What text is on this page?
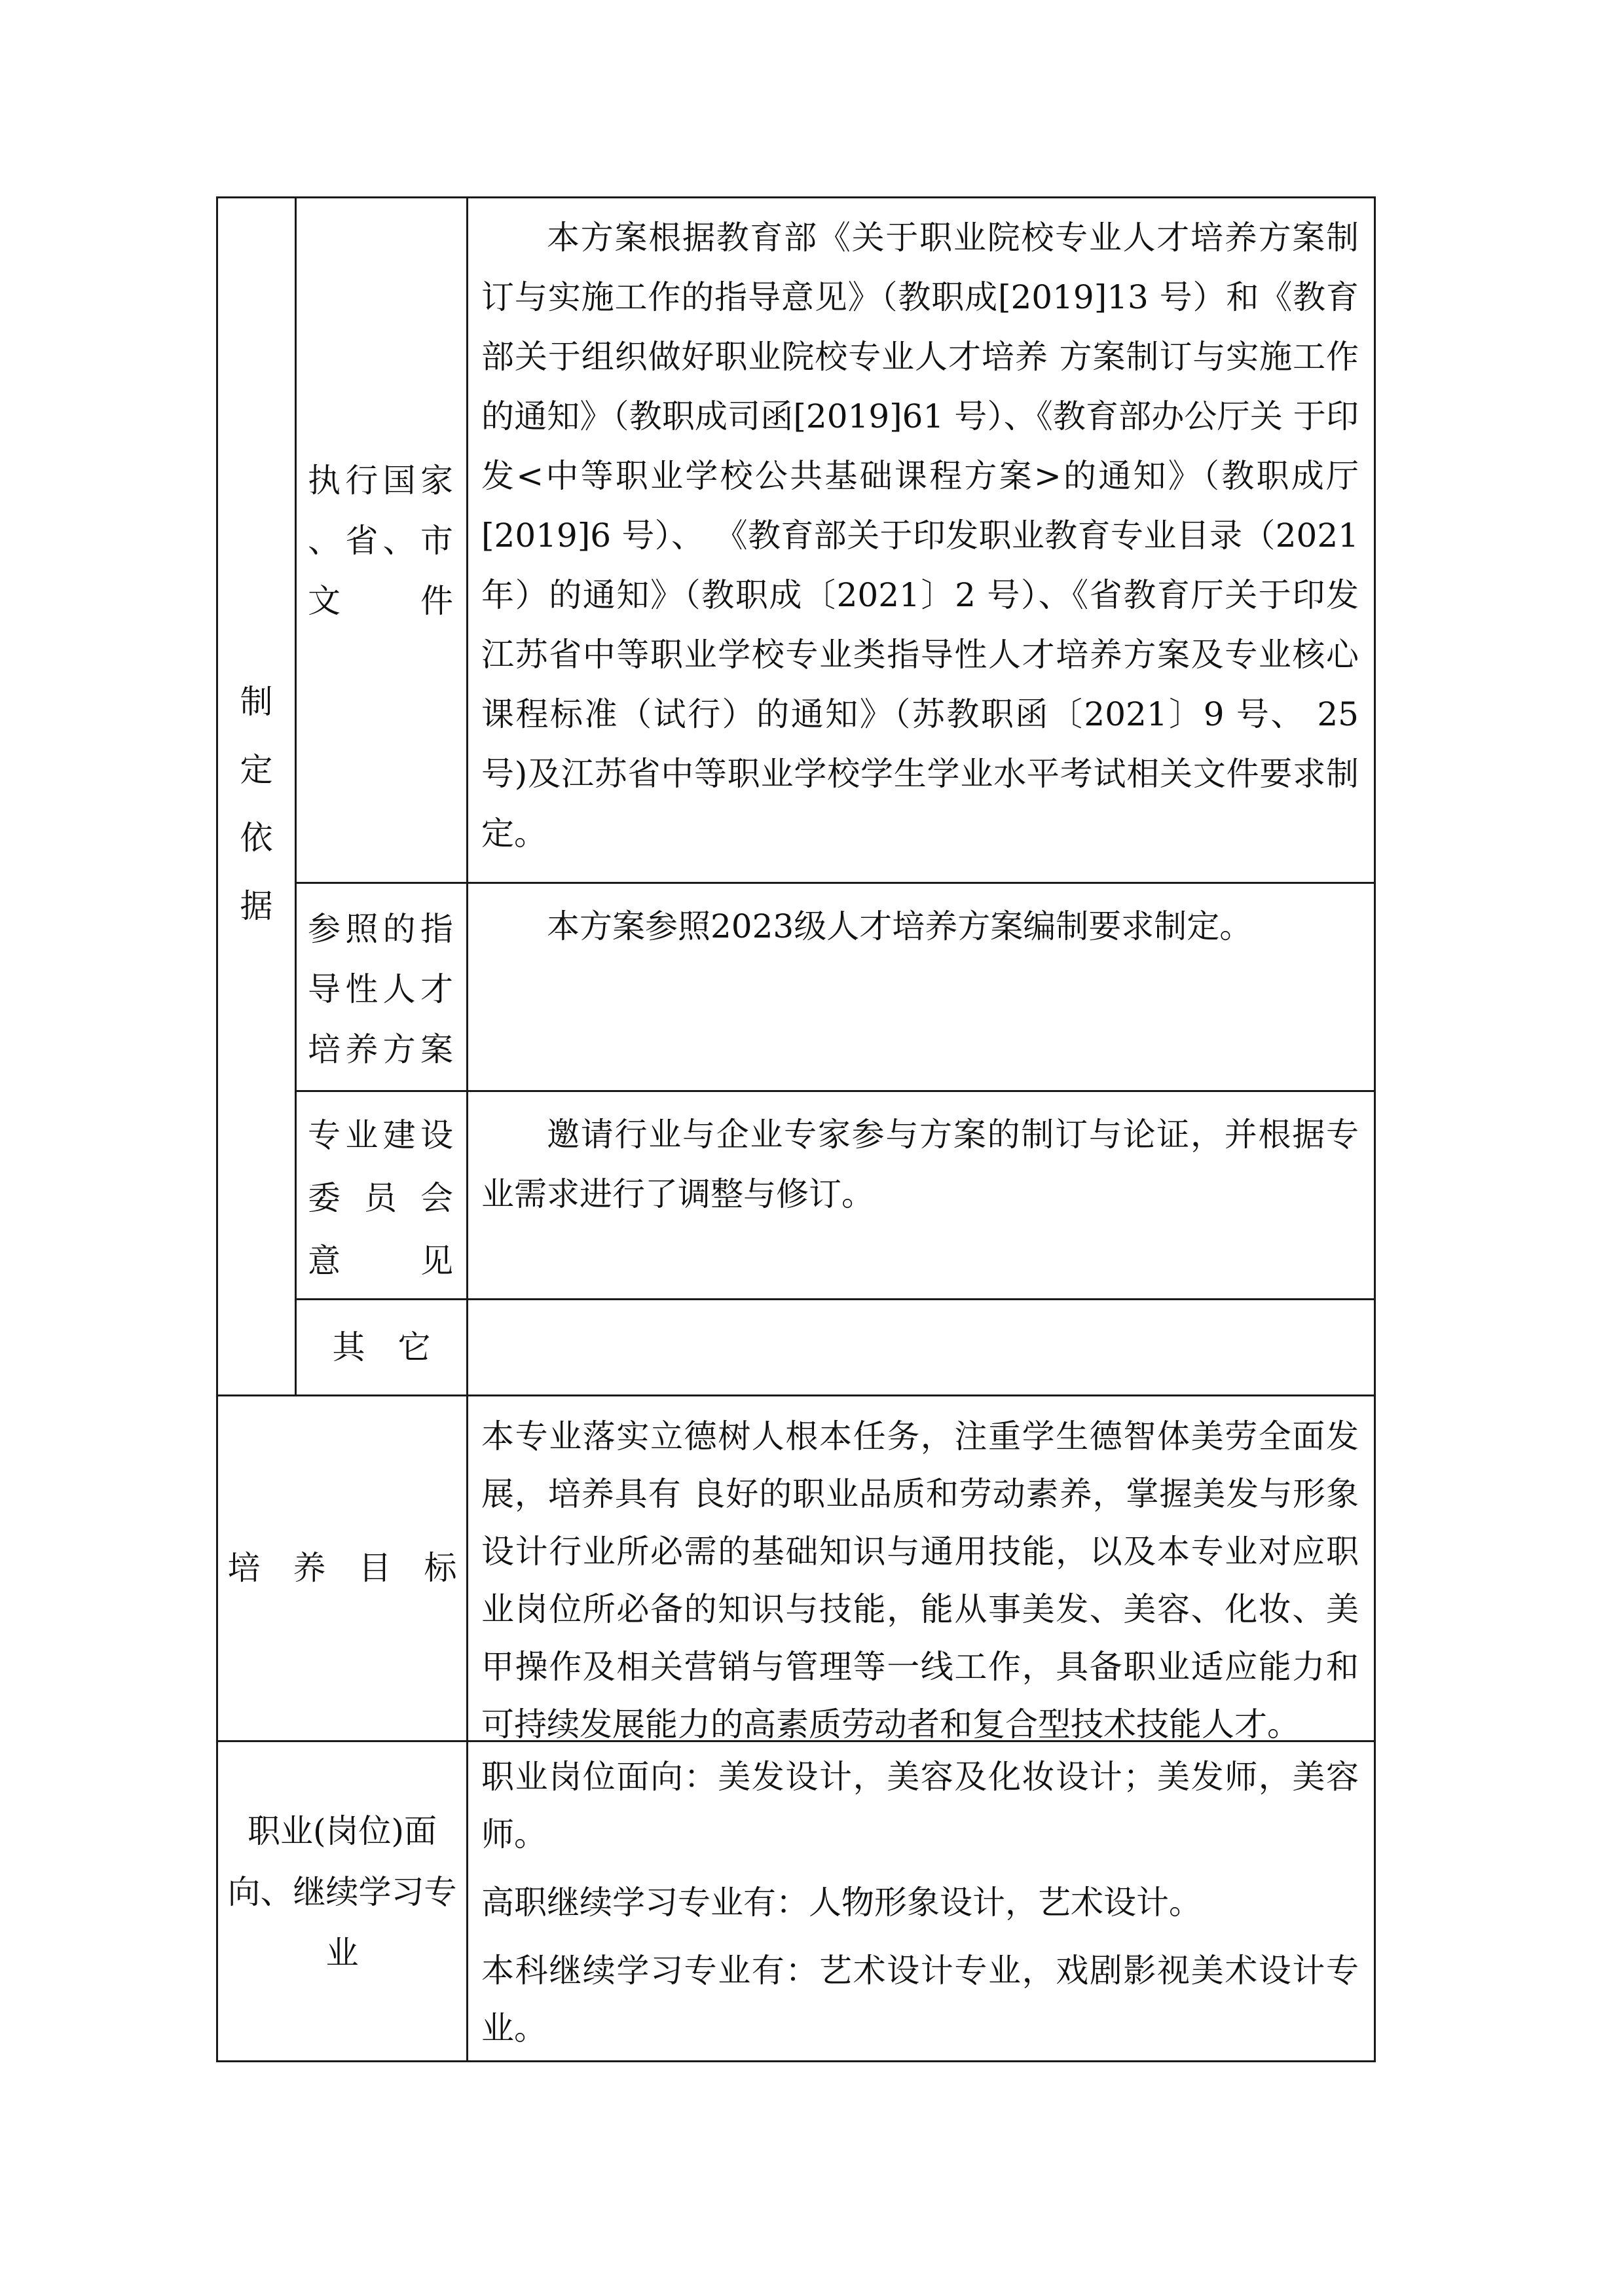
制
定
依
据
执行国家
、省、市
文　　件

本方案根据教育部《关于职业院校专业人才培养方案制订与实施工作的指导意见》（教职成[2019]13 号）和《教育部关于组织做好职业院校专业人才培养 方案制订与实施工作的通知》（教职成司函[2019]61 号）、《教育部办公厅关 于印发<中等职业学校公共基础课程方案>的通知》（教职成厅[2019]6 号）、 《教育部关于印发职业教育专业目录（2021 年）的通知》（教职成〔2021〕2 号）、《省教育厅关于印发江苏省中等职业学校专业类指导性人才培养方案及专业核心课程标准（试行）的通知》（苏教职函〔2021〕9 号、 25 号)及江苏省中等职业学校学生学业水平考试相关文件要求制定。

参照的指
导性人才
培养方案

本方案参照2023级人才培养方案编制要求制定。

专业建设
委员会
意　　见

邀请行业与企业专家参与方案的制订与论证，并根据专业需求进行了调整与修订。

其　它

培　养　目　标

本专业落实立德树人根本任务，注重学生德智体美劳全面发展，培养具有 良好的职业品质和劳动素养，掌握美发与形象设计行业所必需的基础知识与通用技能，以及本专业对应职业岗位所必备的知识与技能，能从事美发、美容、化妆、美甲操作及相关营销与管理等一线工作，具备职业适应能力和可持续发展能力的高素质劳动者和复合型技术技能人才。

职业(岗位)面
向、继续学习专
业

职业岗位面向：美发设计，美容及化妆设计；美发师，美容师。

高职继续学习专业有：人物形象设计，艺术设计。

本科继续学习专业有：艺术设计专业，戏剧影视美术设计专业。
